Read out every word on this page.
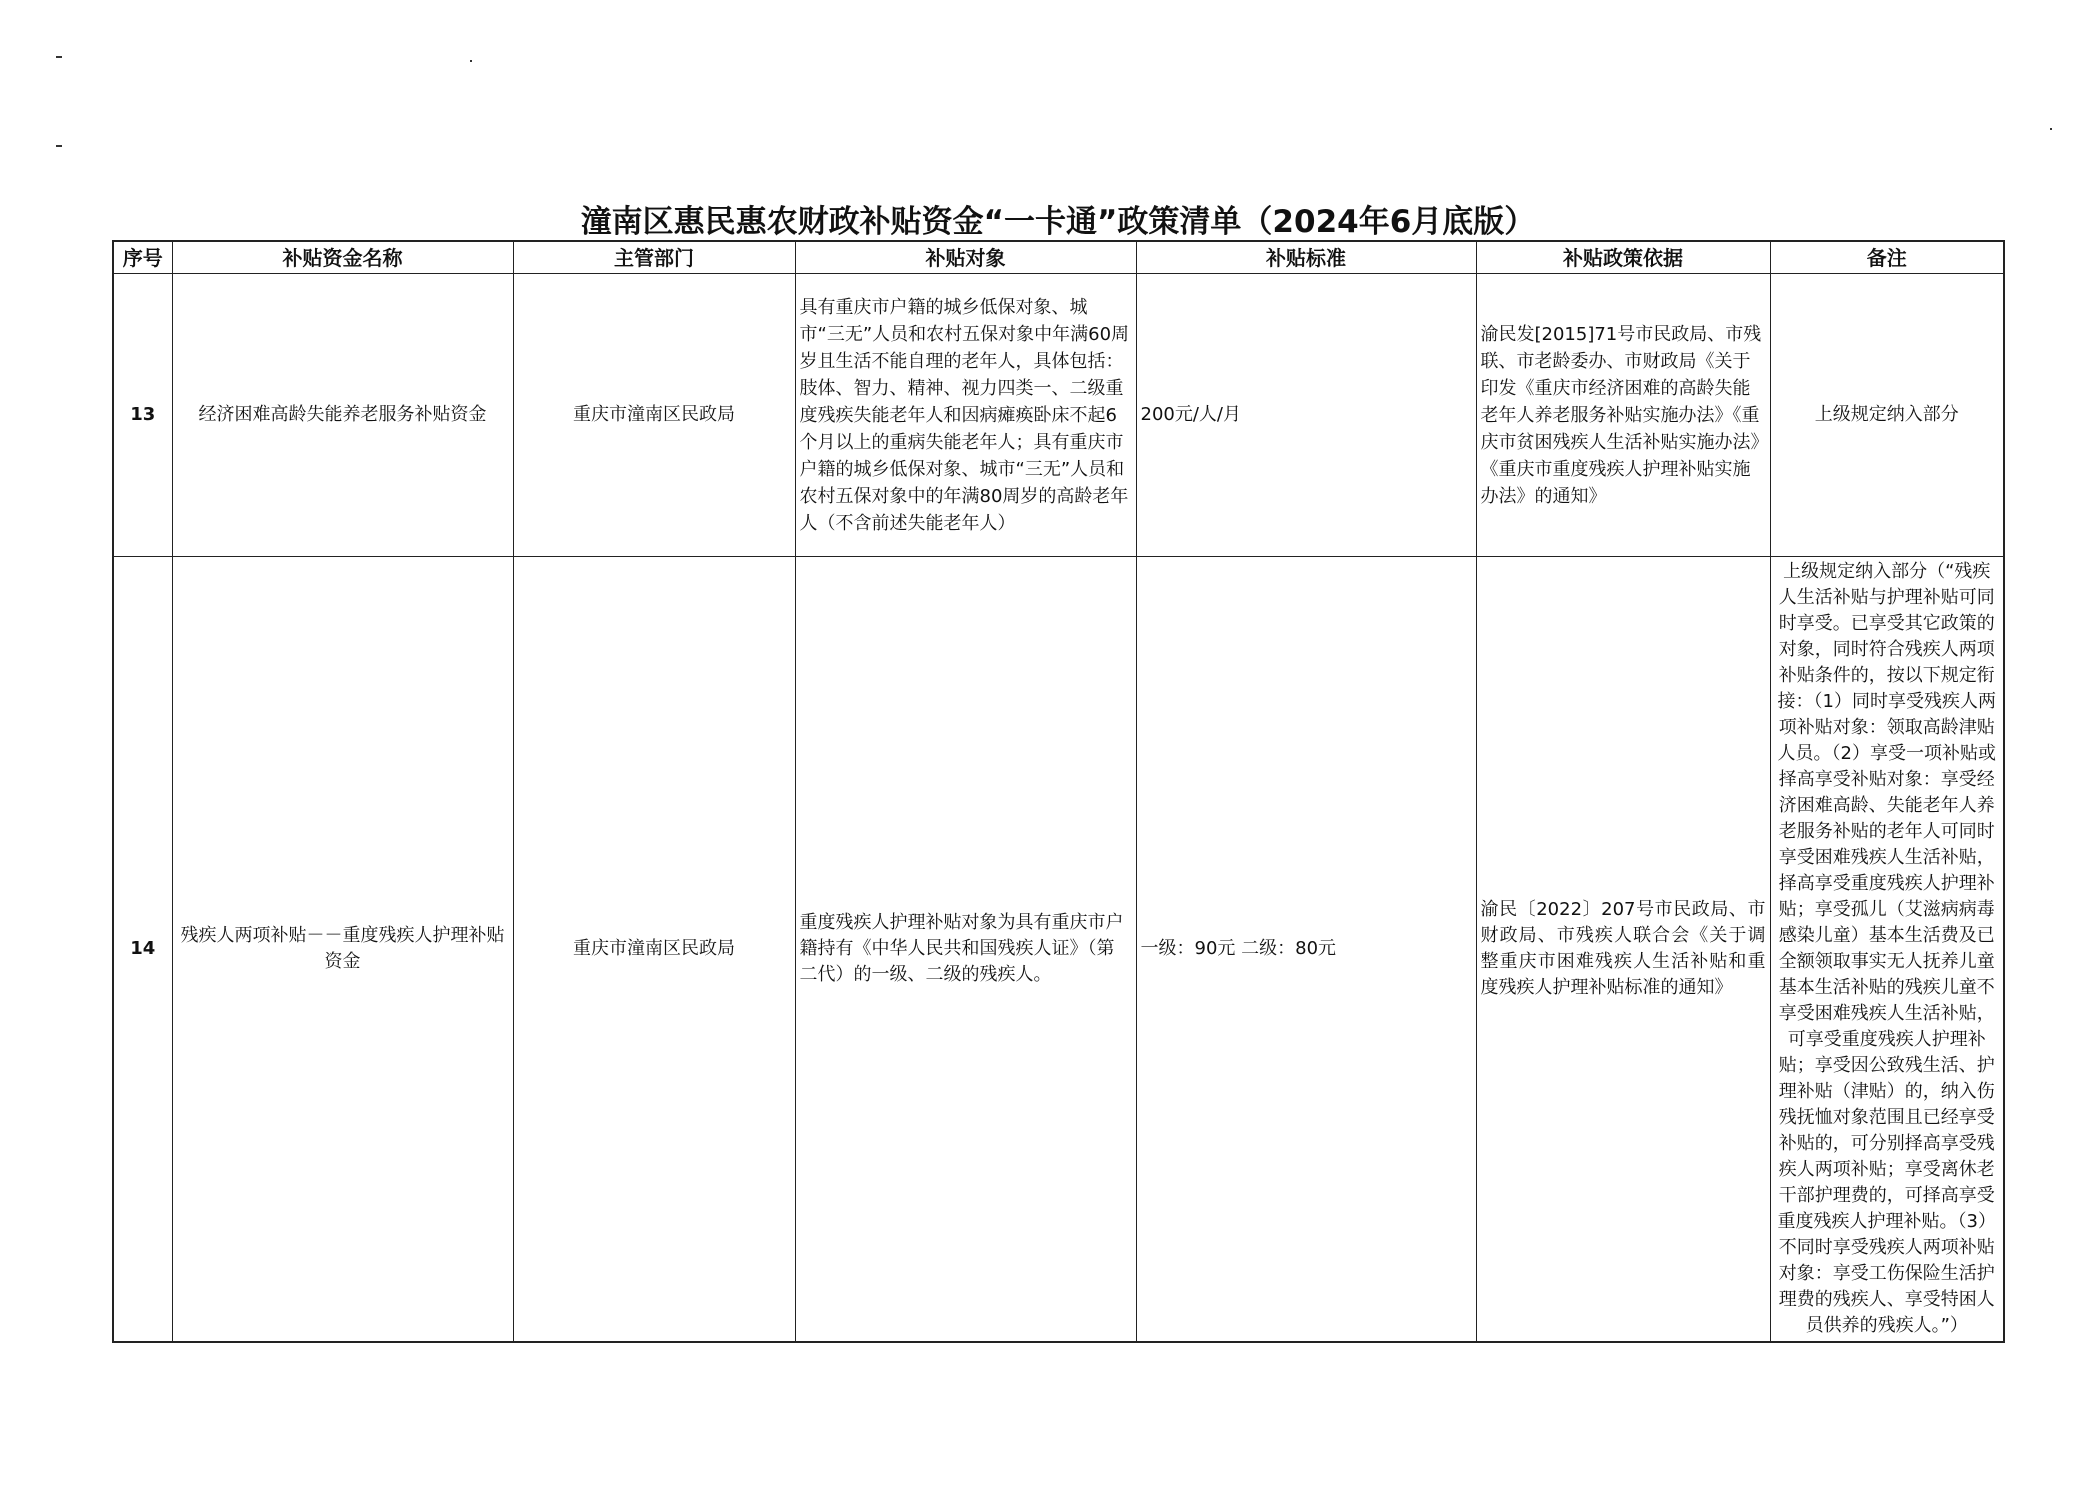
潼南区惠民惠农财政补贴资金“一卡通”政策清单（2024年6月底版）
序号	补贴资金名称	主管部门	补贴对象	补贴标准	补贴政策依据	备注
13	经济困难高龄失能养老服务补贴资金	重庆市潼南区民政局	具有重庆市户籍的城乡低保对象、城市“三无”人员和农村五保对象中年满60周岁且生活不能自理的老年人，具体包括：肢体、智力、精神、视力四类一、二级重度残疾失能老年人和因病瘫痪卧床不起6个月以上的重病失能老年人；具有重庆市户籍的城乡低保对象、城市“三无”人员和农村五保对象中的年满80周岁的高龄老年人（不含前述失能老年人）	200元/人/月	渝民发[2015]71号市民政局、市残联、市老龄委办、市财政局《关于印发《重庆市经济困难的高龄失能老年人养老服务补贴实施办法》《重庆市贫困残疾人生活补贴实施办法》《重庆市重度残疾人护理补贴实施办法》的通知》	上级规定纳入部分
14	残疾人两项补贴－－重度残疾人护理补贴资金	重庆市潼南区民政局	重度残疾人护理补贴对象为具有重庆市户籍持有《中华人民共和国残疾人证》（第二代）的一级、二级的残疾人。	一级：90元 二级：80元	渝民〔2022〕207号市民政局、市财政局、市残疾人联合会《关于调整重庆市困难残疾人生活补贴和重度残疾人护理补贴标准的通知》	上级规定纳入部分（“残疾人生活补贴与护理补贴可同时享受。已享受其它政策的对象，同时符合残疾人两项补贴条件的，按以下规定衔接：（1）同时享受残疾人两项补贴对象：领取高龄津贴人员。（2）享受一项补贴或择高享受补贴对象：享受经济困难高龄、失能老年人养老服务补贴的老年人可同时享受困难残疾人生活补贴，择高享受重度残疾人护理补贴；享受孤儿（艾滋病病毒感染儿童）基本生活费及已全额领取事实无人抚养儿童基本生活补贴的残疾儿童不享受困难残疾人生活补贴，可享受重度残疾人护理补贴；享受因公致残生活、护理补贴（津贴）的，纳入伤残抚恤对象范围且已经享受补贴的，可分别择高享受残疾人两项补贴；享受离休老干部护理费的，可择高享受重度残疾人护理补贴。（3）不同时享受残疾人两项补贴对象：享受工伤保险生活护理费的残疾人、享受特困人员供养的残疾人。”）
